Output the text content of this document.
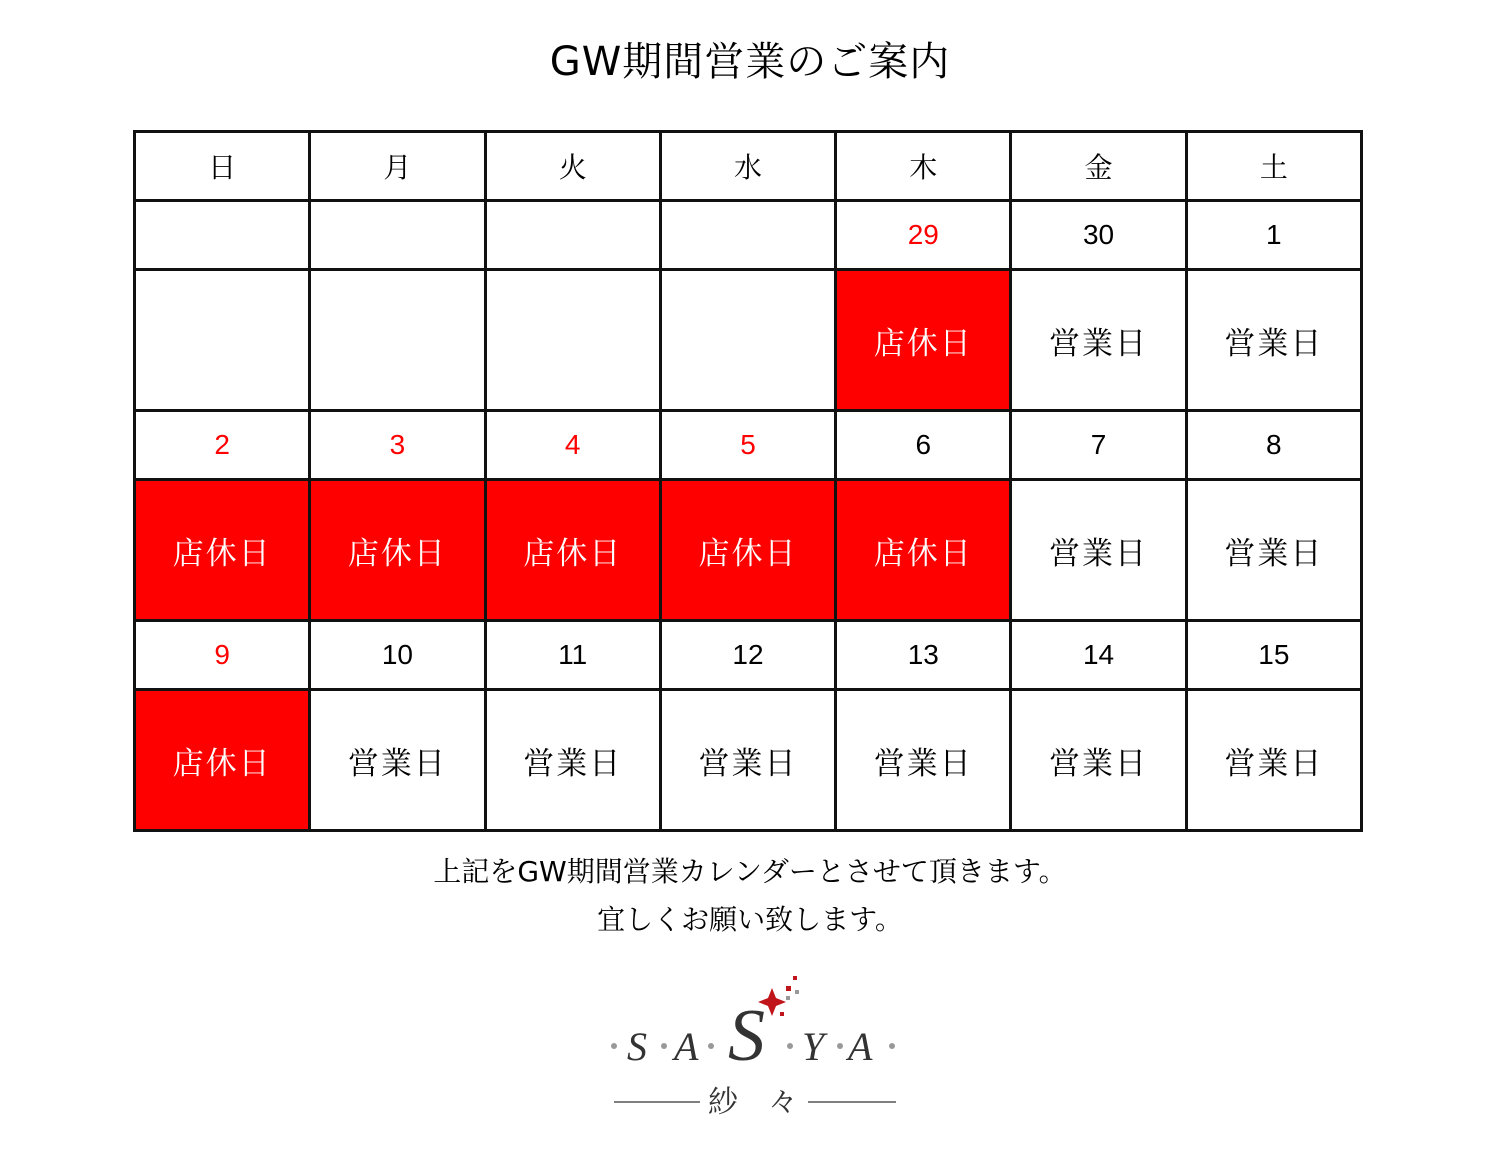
GW期間営業のご案内
日	月	火	水	木	金	土
				29	30	1
				店休日	営業日	営業日
2	3	4	5	6	7	8
店休日	店休日	店休日	店休日	店休日	営業日	営業日
9	10	11	12	13	14	15
店休日	営業日	営業日	営業日	営業日	営業日	営業日
上記をGW期間営業カレンダーとさせて頂きます。
宜しくお願い致します。
S A S Y A
紗 々
